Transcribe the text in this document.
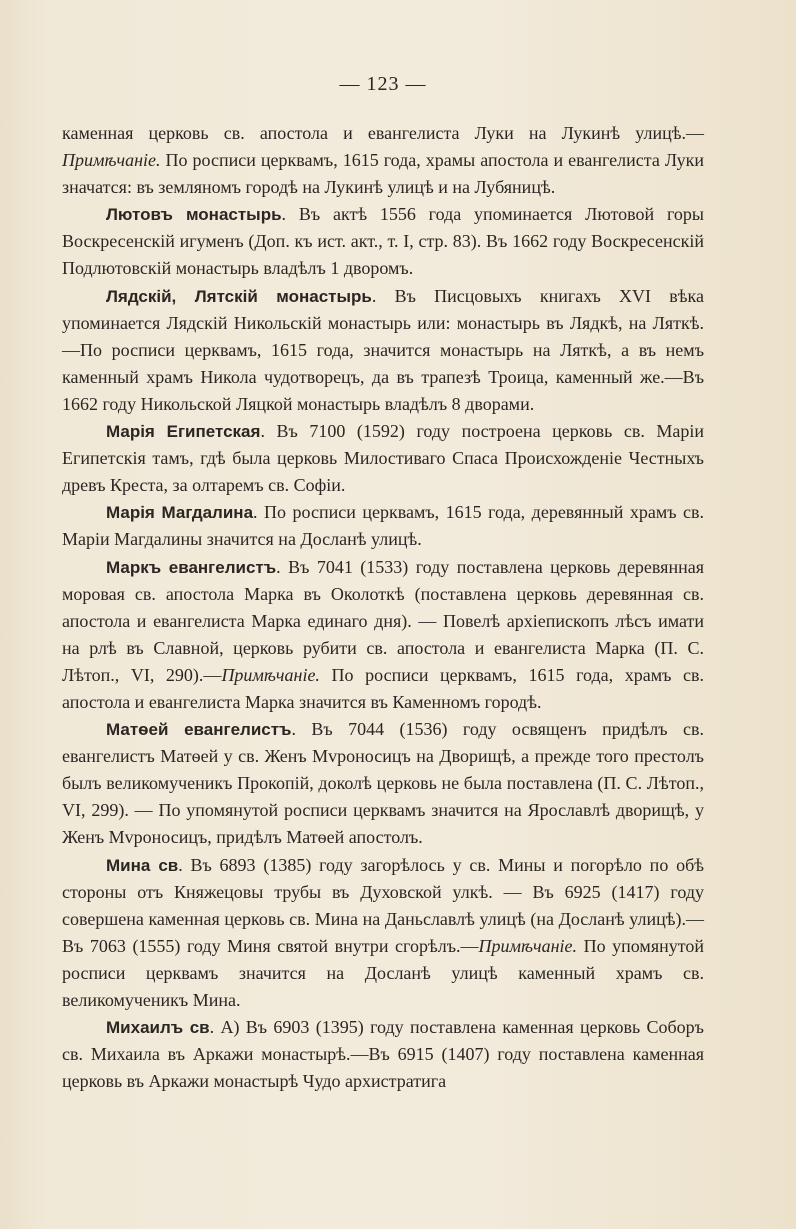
— 123 —

каменная церковь св. апостола и евангелиста Луки на Лукинѣ улицѣ.—Примѣчаніе. По росписи церквамъ, 1615 года, храмы апостола и евангелиста Луки значатся: въ земляномъ городѣ на Лукинѣ улицѣ и на Лубяницѣ.

Лютовъ монастырь. Въ актѣ 1556 года упоминается Лютовой горы Воскресенскій игуменъ (Доп. къ ист. акт., т. I, стр. 83). Въ 1662 году Воскресенскій Подлютовскій монастырь владѣлъ 1 дворомъ.

Лядскій, Лятскій монастырь. Въ Писцовыхъ книгахъ XVI вѣка упоминается Лядскій Никольскій монастырь или: монастырь въ Лядкѣ, на Ляткѣ.—По росписи церквамъ, 1615 года, значится монастырь на Ляткѣ, а въ немъ каменный храмъ Никола чудотворецъ, да въ трапезѣ Троица, каменный же.—Въ 1662 году Никольской Ляцкой монастырь владѣлъ 8 дворами.

Марія Египетская. Въ 7100 (1592) году построена церковь св. Маріи Египетскія тамъ, гдѣ была церковь Милостиваго Спаса Происхожденіе Честныхъ древъ Креста, за олтаремъ св. Софіи.

Марія Магдалина. По росписи церквамъ, 1615 года, деревянный храмъ св. Маріи Магдалины значится на Досланѣ улицѣ.

Маркъ евангелистъ. Въ 7041 (1533) году поставлена церковь деревянная моровая св. апостола Марка въ Околоткѣ (поставлена церковь деревянная св. апостола и евангелиста Марка единаго дня). — Повелѣ архіепископъ лѣсъ имати на рлѣ въ Славной, церковь рубити св. апостола и евангелиста Марка (П. С. Лѣтоп., VI, 290).—Примѣчаніе. По росписи церквамъ, 1615 года, храмъ св. апостола и евангелиста Марка значится въ Каменномъ городѣ.

Матѳей евангелистъ. Въ 7044 (1536) году освященъ придѣлъ св. евангелистъ Матѳей у св. Женъ Мvроносицъ на Дворищѣ, а прежде того престолъ былъ великомученикъ Прокопій, доколѣ церковь не была поставлена (П. С. Лѣтоп., VI, 299). — По упомянутой росписи церквамъ значится на Ярославлѣ дворищѣ, у Женъ Мvроносицъ, придѣлъ Матѳей апостолъ.

Мина св. Въ 6893 (1385) году загорѣлось у св. Мины и погорѣло по обѣ стороны отъ Княжецовы трубы въ Духовской улкѣ. — Въ 6925 (1417) году совершена каменная церковь св. Мина на Даньславлѣ улицѣ (на Досланѣ улицѣ).—Въ 7063 (1555) году Миня святой внутри сгорѣлъ.—Примѣчаніе. По упомянутой росписи церквамъ значится на Досланѣ улицѣ каменный храмъ св. великомученикъ Мина.

Михаилъ св. А) Въ 6903 (1395) году поставлена каменная церковь Соборъ св. Михаила въ Аркажи монастырѣ.—Въ 6915 (1407) году поставлена каменная церковь въ Аркажи монастырѣ Чудо архистратига
